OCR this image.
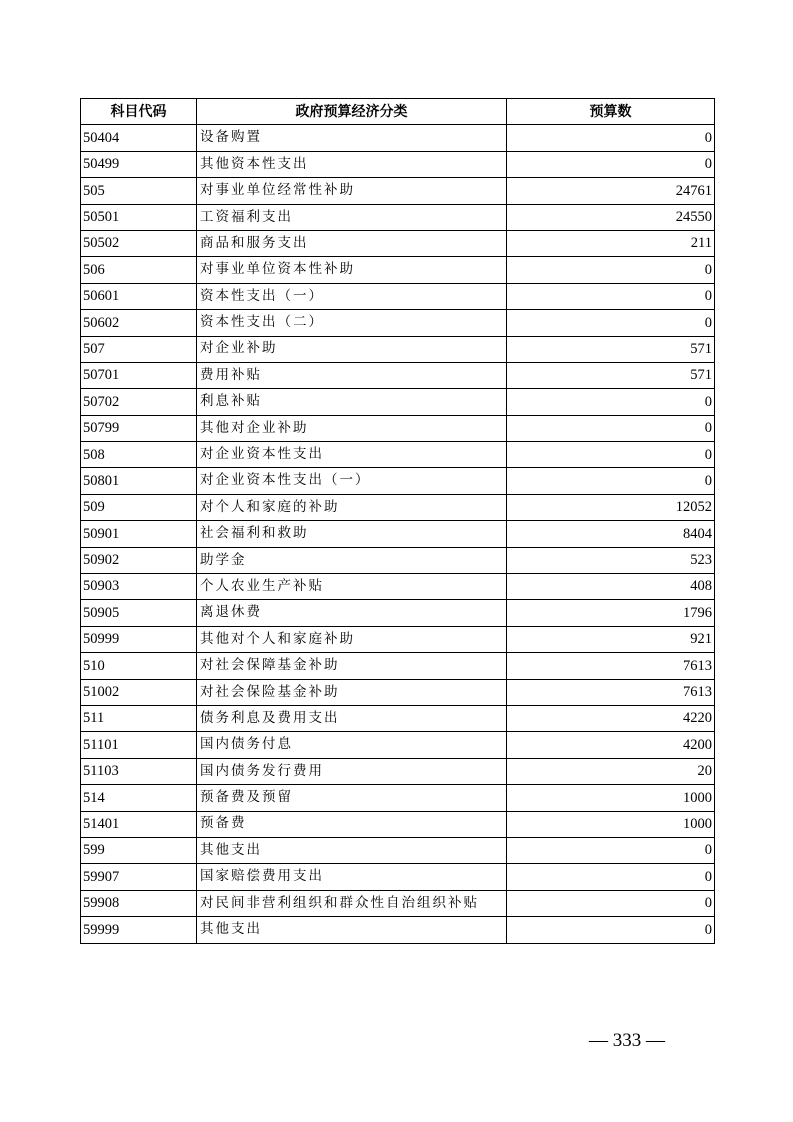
科目代码	政府预算经济分类	预算数
50404	设备购置	0
50499	其他资本性支出	0
505	对事业单位经常性补助	24761
50501	工资福利支出	24550
50502	商品和服务支出	211
506	对事业单位资本性补助	0
50601	资本性支出（一）	0
50602	资本性支出（二）	0
507	对企业补助	571
50701	费用补贴	571
50702	利息补贴	0
50799	其他对企业补助	0
508	对企业资本性支出	0
50801	对企业资本性支出（一）	0
509	对个人和家庭的补助	12052
50901	社会福利和救助	8404
50902	助学金	523
50903	个人农业生产补贴	408
50905	离退休费	1796
50999	其他对个人和家庭补助	921
510	对社会保障基金补助	7613
51002	对社会保险基金补助	7613
511	债务利息及费用支出	4220
51101	国内债务付息	4200
51103	国内债务发行费用	20
514	预备费及预留	1000
51401	预备费	1000
599	其他支出	0
59907	国家赔偿费用支出	0
59908	对民间非营利组织和群众性自治组织补贴	0
59999	其他支出	0
— 333 —
